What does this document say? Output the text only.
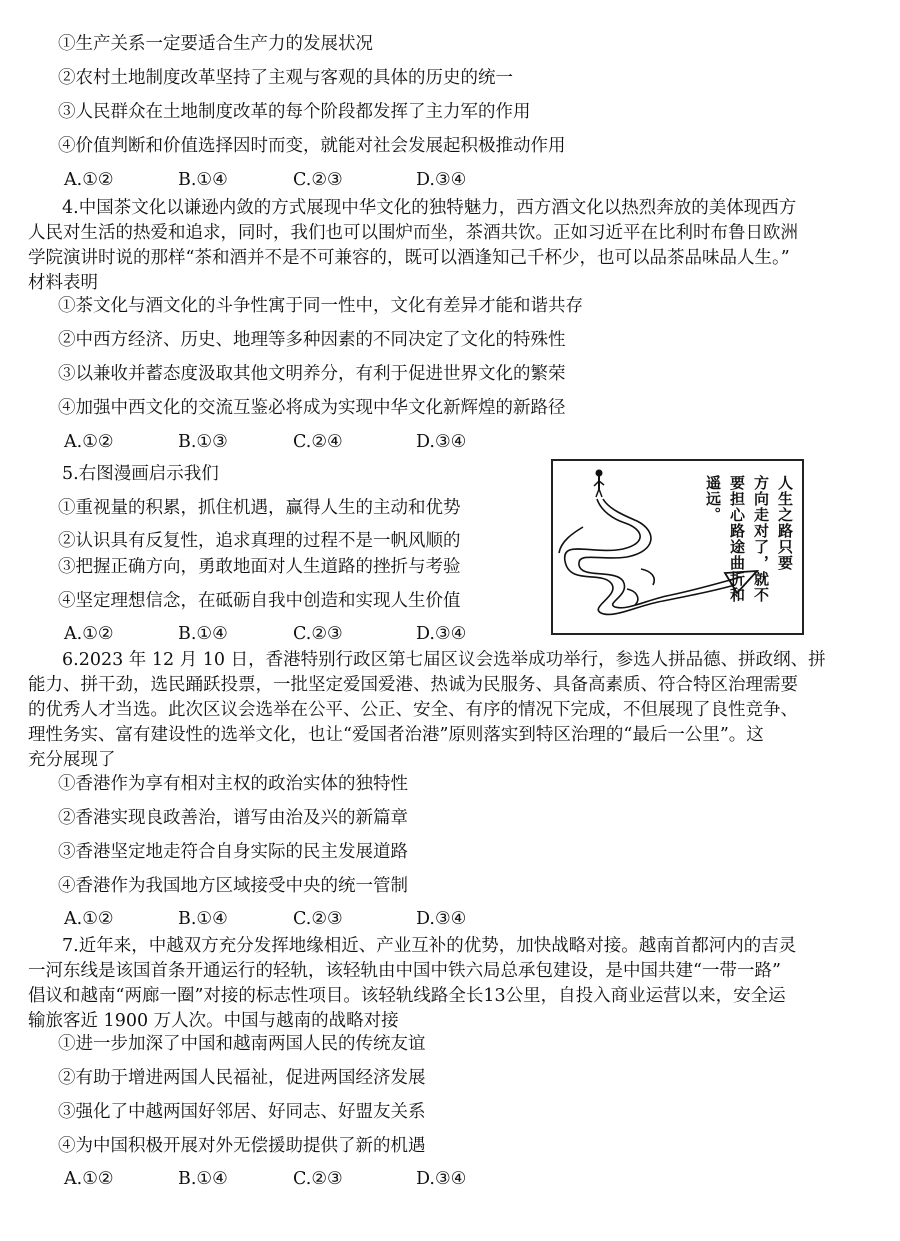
①生产关系一定要适合生产力的发展状况
②农村土地制度改革坚持了主观与客观的具体的历史的统一
③人民群众在土地制度改革的每个阶段都发挥了主力军的作用
④价值判断和价值选择因时而变，就能对社会发展起积极推动作用
A.①②	B.①④	C.②③	D.③④
4.中国茶文化以谦逊内敛的方式展现中华文化的独特魅力，西方酒文化以热烈奔放的美体现西方
人民对生活的热爱和追求，同时，我们也可以围炉而坐，茶酒共饮。正如习近平在比利时布鲁日欧洲
学院演讲时说的那样“茶和酒并不是不可兼容的，既可以酒逢知己千杯少，也可以品茶品味品人生。”
材料表明
①茶文化与酒文化的斗争性寓于同一性中，文化有差异才能和谐共存
②中西方经济、历史、地理等多种因素的不同决定了文化的特殊性
③以兼收并蓄态度汲取其他文明养分，有利于促进世界文化的繁荣
④加强中西文化的交流互鉴必将成为实现中华文化新辉煌的新路径
A.①②	B.①③	C.②④	D.③④
5.右图漫画启示我们
①重视量的积累，抓住机遇，赢得人生的主动和优势
②认识具有反复性，追求真理的过程不是一帆风顺的
③把握正确方向，勇敢地面对人生道路的挫折与考验
④坚定理想信念，在砥砺自我中创造和实现人生价值
A.①②	B.①④	C.②③	D.③④
人生之路只要
方向走对了，就不
要担心路途曲折和
遥远。
6.2023 年 12 月 10 日，香港特别行政区第七届区议会选举成功举行，参选人拼品德、拼政纲、拼
能力、拼干劲，选民踊跃投票，一批坚定爱国爱港、热诚为民服务、具备高素质、符合特区治理需要
的优秀人才当选。此次区议会选举在公平、公正、安全、有序的情况下完成，不但展现了良性竞争、
理性务实、富有建设性的选举文化，也让“爱国者治港”原则落实到特区治理的“最后一公里”。这
充分展现了
①香港作为享有相对主权的政治实体的独特性
②香港实现良政善治，谱写由治及兴的新篇章
③香港坚定地走符合自身实际的民主发展道路
④香港作为我国地方区域接受中央的统一管制
A.①②	B.①④	C.②③	D.③④
7.近年来，中越双方充分发挥地缘相近、产业互补的优势，加快战略对接。越南首都河内的吉灵
一河东线是该国首条开通运行的轻轨，该轻轨由中国中铁六局总承包建设，是中国共建“一带一路”
倡议和越南“两廊一圈”对接的标志性项目。该轻轨线路全长13公里，自投入商业运营以来，安全运
输旅客近 1900 万人次。中国与越南的战略对接
①进一步加深了中国和越南两国人民的传统友谊
②有助于增进两国人民福祉，促进两国经济发展
③强化了中越两国好邻居、好同志、好盟友关系
④为中国积极开展对外无偿援助提供了新的机遇
A.①②	B.①④	C.②③	D.③④
